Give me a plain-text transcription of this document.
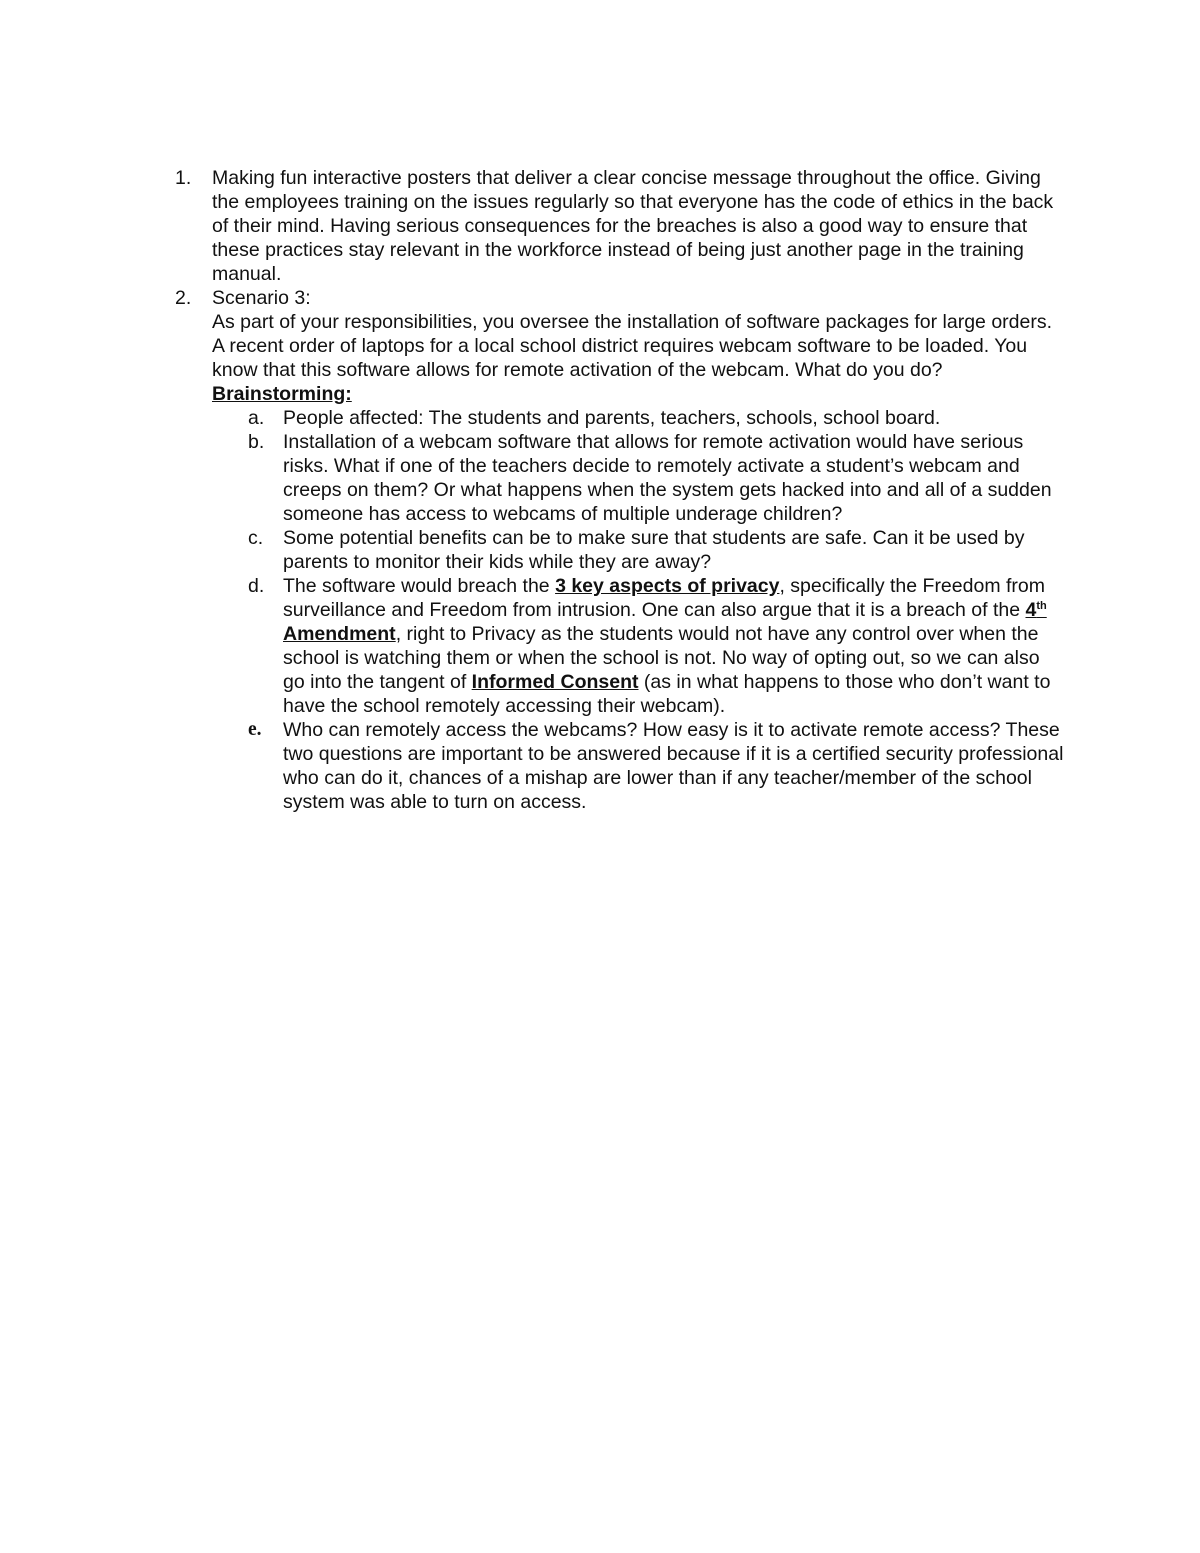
1. Making fun interactive posters that deliver a clear concise message throughout the office. Giving the employees training on the issues regularly so that everyone has the code of ethics in the back of their mind. Having serious consequences for the breaches is also a good way to ensure that these practices stay relevant in the workforce instead of being just another page in the training manual.
2. Scenario 3:
As part of your responsibilities, you oversee the installation of software packages for large orders. A recent order of laptops for a local school district requires webcam software to be loaded. You know that this software allows for remote activation of the webcam. What do you do?
Brainstorming:
a. People affected: The students and parents, teachers, schools, school board.
b. Installation of a webcam software that allows for remote activation would have serious risks. What if one of the teachers decide to remotely activate a student’s webcam and creeps on them? Or what happens when the system gets hacked into and all of a sudden someone has access to webcams of multiple underage children?
c. Some potential benefits can be to make sure that students are safe. Can it be used by parents to monitor their kids while they are away?
d. The software would breach the 3 key aspects of privacy, specifically the Freedom from surveillance and Freedom from intrusion. One can also argue that it is a breach of the 4th Amendment, right to Privacy as the students would not have any control over when the school is watching them or when the school is not. No way of opting out, so we can also go into the tangent of Informed Consent (as in what happens to those who don’t want to have the school remotely accessing their webcam).
e. Who can remotely access the webcams? How easy is it to activate remote access? These two questions are important to be answered because if it is a certified security professional who can do it, chances of a mishap are lower than if any teacher/member of the school system was able to turn on access.
